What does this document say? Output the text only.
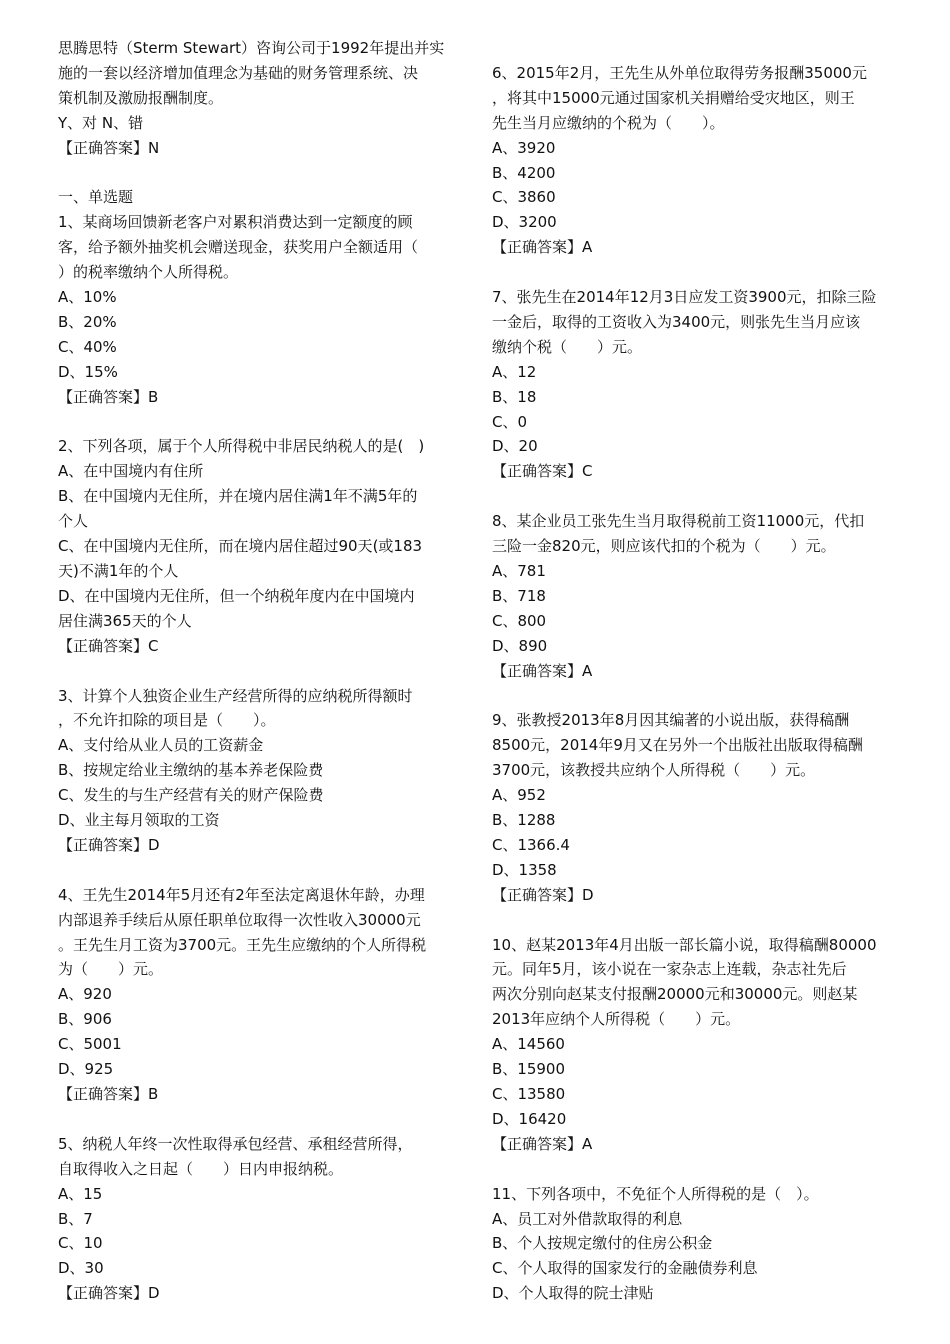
思腾思特（Sterm Stewart）咨询公司于1992年提出并实

施的一套以经济增加值理念为基础的财务管理系统、决

策机制及激励报酬制度。

Y、对 N、错

【正确答案】N

一、单选题

1、某商场回馈新老客户对累积消费达到一定额度的顾

客，给予额外抽奖机会赠送现金，获奖用户全额适用（

）的税率缴纳个人所得税。

A、10%

B、20%

C、40%

D、15%

【正确答案】B

2、下列各项，属于个人所得税中非居民纳税人的是(　)

A、在中国境内有住所

B、在中国境内无住所，并在境内居住满1年不满5年的

个人

C、在中国境内无住所，而在境内居住超过90天(或183

天)不满1年的个人

D、在中国境内无住所，但一个纳税年度内在中国境内

居住满365天的个人

【正确答案】C

3、计算个人独资企业生产经营所得的应纳税所得额时

，不允许扣除的项目是（　　）。

A、支付给从业人员的工资薪金

B、按规定给业主缴纳的基本养老保险费

C、发生的与生产经营有关的财产保险费

D、业主每月领取的工资

【正确答案】D

4、王先生2014年5月还有2年至法定离退休年龄，办理

内部退养手续后从原任职单位取得一次性收入30000元

。王先生月工资为3700元。王先生应缴纳的个人所得税

为（　　）元。

A、920

B、906

C、5001

D、925

【正确答案】B

5、纳税人年终一次性取得承包经营、承租经营所得，

自取得收入之日起（　　）日内申报纳税。

A、15

B、7

C、10

D、30

【正确答案】D

6、2015年2月，王先生从外单位取得劳务报酬35000元

，将其中15000元通过国家机关捐赠给受灾地区，则王

先生当月应缴纳的个税为（　　）。

A、3920

B、4200

C、3860

D、3200

【正确答案】A

7、张先生在2014年12月3日应发工资3900元，扣除三险

一金后，取得的工资收入为3400元，则张先生当月应该

缴纳个税（　　）元。

A、12

B、18

C、0

D、20

【正确答案】C

8、某企业员工张先生当月取得税前工资11000元，代扣

三险一金820元，则应该代扣的个税为（　　）元。

A、781

B、718

C、800

D、890

【正确答案】A

9、张教授2013年8月因其编著的小说出版，获得稿酬

8500元，2014年9月又在另外一个出版社出版取得稿酬

3700元，该教授共应纳个人所得税（　　）元。

A、952

B、1288

C、1366.4

D、1358

【正确答案】D

10、赵某2013年4月出版一部长篇小说，取得稿酬80000

元。同年5月，该小说在一家杂志上连载，杂志社先后

两次分别向赵某支付报酬20000元和30000元。则赵某

2013年应纳个人所得税（　　）元。

A、14560

B、15900

C、13580

D、16420

【正确答案】A

11、下列各项中，不免征个人所得税的是（　）。

A、员工对外借款取得的利息

B、个人按规定缴付的住房公积金

C、个人取得的国家发行的金融债券利息

D、个人取得的院士津贴
